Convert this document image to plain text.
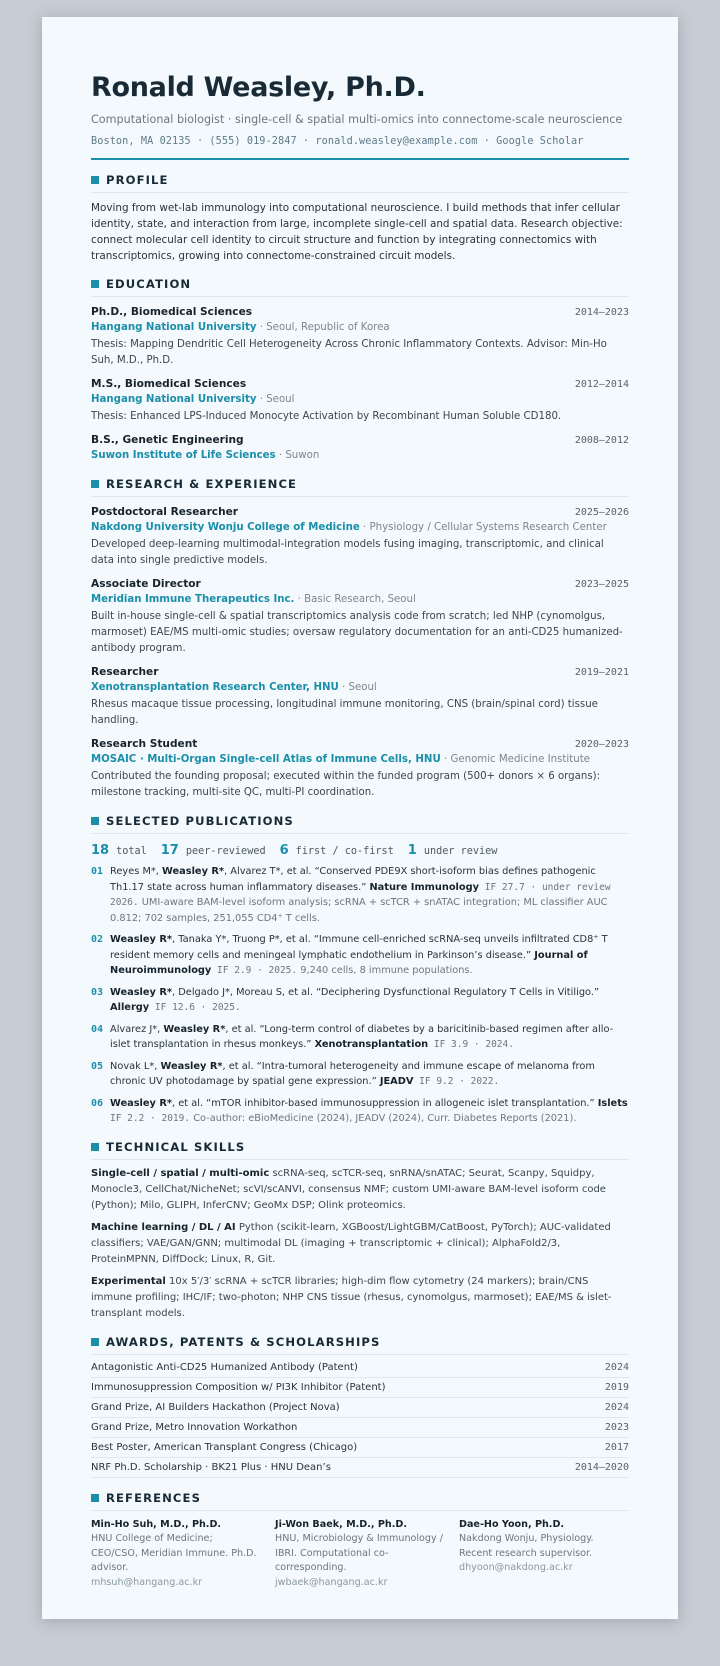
Ronald Weasley, Ph.D.
Computational biologist · single-cell & spatial multi-omics into connectome-scale neuroscience
Boston, MA 02135 · (555) 019-2847 · ronald.weasley@example.com · Google Scholar
PROFILE
Moving from wet-lab immunology into computational neuroscience. I build methods that infer cellular identity, state, and interaction from large, incomplete single-cell and spatial data. Research objective: connect molecular cell identity to circuit structure and function by integrating connectomics with transcriptomics, growing into connectome-constrained circuit models.
EDUCATION
Ph.D., Biomedical Sciences	2014–2023
Hangang National University · Seoul, Republic of Korea
Thesis: Mapping Dendritic Cell Heterogeneity Across Chronic Inflammatory Contexts. Advisor: Min-Ho Suh, M.D., Ph.D.
M.S., Biomedical Sciences	2012–2014
Hangang National University · Seoul
Thesis: Enhanced LPS-Induced Monocyte Activation by Recombinant Human Soluble CD180.
B.S., Genetic Engineering	2008–2012
Suwon Institute of Life Sciences · Suwon
RESEARCH & EXPERIENCE
Postdoctoral Researcher	2025–2026
Nakdong University Wonju College of Medicine · Physiology / Cellular Systems Research Center
Developed deep-learning multimodal-integration models fusing imaging, transcriptomic, and clinical data into single predictive models.
Associate Director	2023–2025
Meridian Immune Therapeutics Inc. · Basic Research, Seoul
Built in-house single-cell & spatial transcriptomics analysis code from scratch; led NHP (cynomolgus, marmoset) EAE/MS multi-omic studies; oversaw regulatory documentation for an anti-CD25 humanized-antibody program.
Researcher	2019–2021
Xenotransplantation Research Center, HNU · Seoul
Rhesus macaque tissue processing, longitudinal immune monitoring, CNS (brain/spinal cord) tissue handling.
Research Student	2020–2023
MOSAIC · Multi-Organ Single-cell Atlas of Immune Cells, HNU · Genomic Medicine Institute
Contributed the founding proposal; executed within the funded program (500+ donors × 6 organs): milestone tracking, multi-site QC, multi-PI coordination.
SELECTED PUBLICATIONS
18 total 17 peer-reviewed 6 first / co-first 1 under review
01 Reyes M*, Weasley R*, Alvarez T*, et al. “Conserved PDE9X short-isoform bias defines pathogenic Th1.17 state across human inflammatory diseases.” Nature Immunology IF 27.7 · under review 2026. UMI-aware BAM-level isoform analysis; scRNA + scTCR + snATAC integration; ML classifier AUC 0.812; 702 samples, 251,055 CD4⁺ T cells.
02 Weasley R*, Tanaka Y*, Truong P*, et al. “Immune cell-enriched scRNA-seq unveils infiltrated CD8⁺ T resident memory cells and meningeal lymphatic endothelium in Parkinson’s disease.” Journal of Neuroimmunology IF 2.9 · 2025. 9,240 cells, 8 immune populations.
03 Weasley R*, Delgado J*, Moreau S, et al. “Deciphering Dysfunctional Regulatory T Cells in Vitiligo.” Allergy IF 12.6 · 2025.
04 Alvarez J*, Weasley R*, et al. “Long-term control of diabetes by a baricitinib-based regimen after allo-islet transplantation in rhesus monkeys.” Xenotransplantation IF 3.9 · 2024.
05 Novak L*, Weasley R*, et al. “Intra-tumoral heterogeneity and immune escape of melanoma from chronic UV photodamage by spatial gene expression.” JEADV IF 9.2 · 2022.
06 Weasley R*, et al. “mTOR inhibitor-based immunosuppression in allogeneic islet transplantation.” Islets IF 2.2 · 2019. Co-author: eBioMedicine (2024), JEADV (2024), Curr. Diabetes Reports (2021).
TECHNICAL SKILLS
Single-cell / spatial / multi-omic scRNA-seq, scTCR-seq, snRNA/snATAC; Seurat, Scanpy, Squidpy, Monocle3, CellChat/NicheNet; scVI/scANVI, consensus NMF; custom UMI-aware BAM-level isoform code (Python); Milo, GLIPH, InferCNV; GeoMx DSP; Olink proteomics.
Machine learning / DL / AI Python (scikit-learn, XGBoost/LightGBM/CatBoost, PyTorch); AUC-validated classifiers; VAE/GAN/GNN; multimodal DL (imaging + transcriptomic + clinical); AlphaFold2/3, ProteinMPNN, DiffDock; Linux, R, Git.
Experimental 10x 5′/3′ scRNA + scTCR libraries; high-dim flow cytometry (24 markers); brain/CNS immune profiling; IHC/IF; two-photon; NHP CNS tissue (rhesus, cynomolgus, marmoset); EAE/MS & islet-transplant models.
AWARDS, PATENTS & SCHOLARSHIPS
Antagonistic Anti-CD25 Humanized Antibody (Patent)	2024
Immunosuppression Composition w/ PI3K Inhibitor (Patent)	2019
Grand Prize, AI Builders Hackathon (Project Nova)	2024
Grand Prize, Metro Innovation Workathon	2023
Best Poster, American Transplant Congress (Chicago)	2017
NRF Ph.D. Scholarship · BK21 Plus · HNU Dean’s	2014–2020
REFERENCES
Min-Ho Suh, M.D., Ph.D.
HNU College of Medicine; CEO/CSO, Meridian Immune. Ph.D. advisor.
mhsuh@hangang.ac.kr
Ji-Won Baek, M.D., Ph.D.
HNU, Microbiology & Immunology / IBRI. Computational co-corresponding.
jwbaek@hangang.ac.kr
Dae-Ho Yoon, Ph.D.
Nakdong Wonju, Physiology. Recent research supervisor.
dhyoon@nakdong.ac.kr
